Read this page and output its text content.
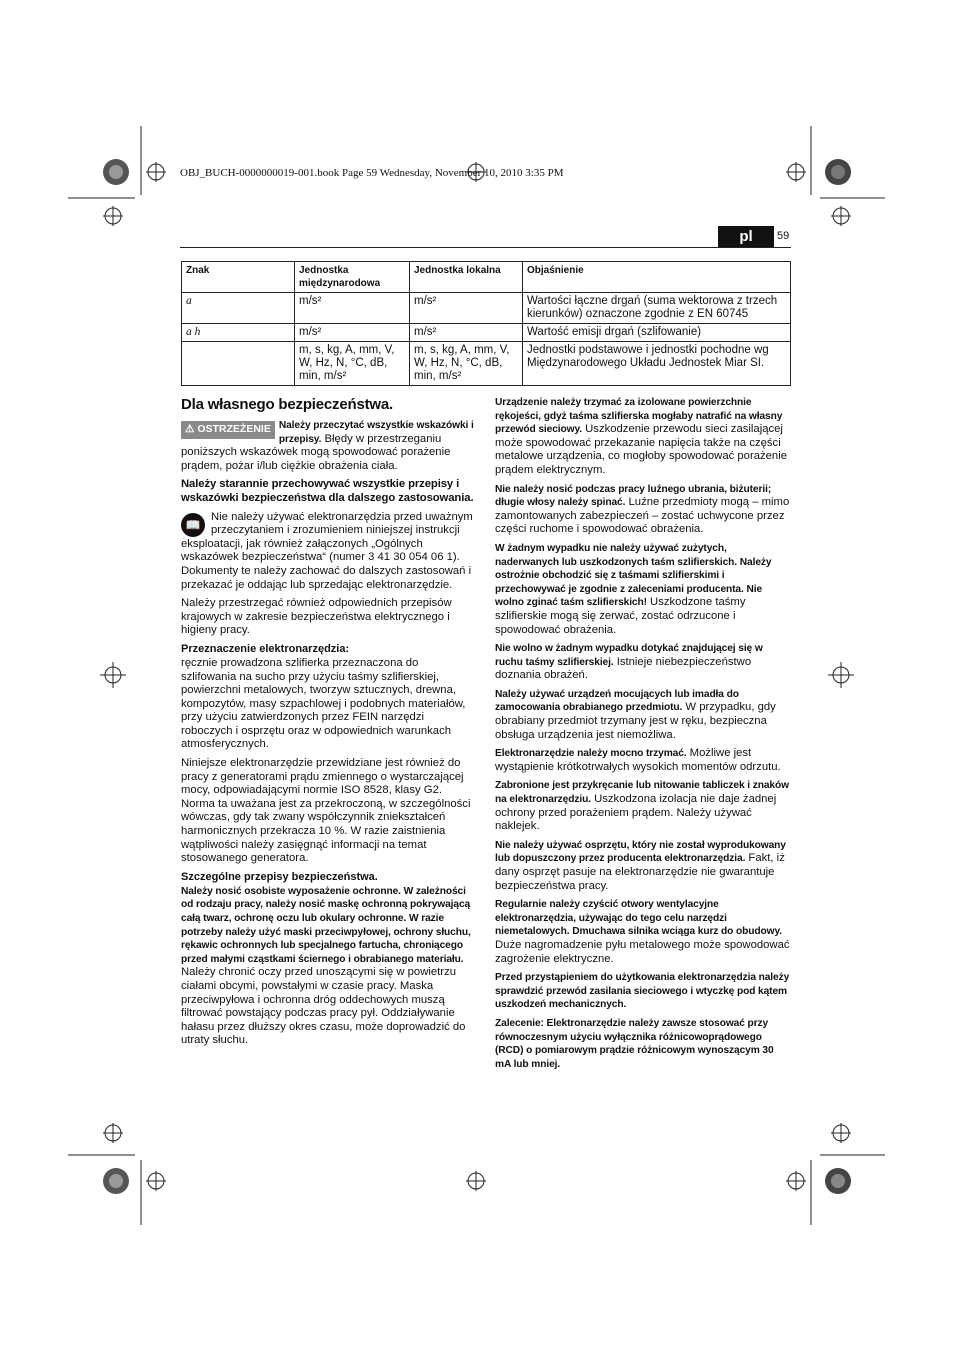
OBJ_BUCH-0000000019-001.book Page 59 Wednesday, November 10, 2010 3:35 PM
pl	59
Znak	Jednostka międzynarodowa	Jednostka lokalna	Objaśnienie
a	m/s²	m/s²	Wartości łączne drgań (suma wektorowa z trzech kierunków) oznaczone zgodnie z EN 60745
a h	m/s²	m/s²	Wartość emisji drgań (szlifowanie)
	m, s, kg, A, mm, V, W, Hz, N, °C, dB, min, m/s²	m, s, kg, A, mm, V, W, Hz, N, °C, dB, min, m/s²	Jednostki podstawowe i jednostki pochodne wg Międzynarodowego Układu Jednostek Miar SI.
Dla własnego bezpieczeństwa.

⚠ OSTRZEŻENIE Należy przeczytać wszystkie wskazówki i przepisy. Błędy w przestrzeganiu poniższych wskazówek mogą spowodować porażenie prądem, pożar i/lub ciężkie obrażenia ciała.

Należy starannie przechowywać wszystkie przepisy i wskazówki bezpieczeństwa dla dalszego zastosowania.

📖
Nie należy używać elektronarzędzia przed uważnym przeczytaniem i zrozumieniem niniejszej instrukcji eksploatacji, jak również załączonych „Ogólnych wskazówek bezpieczeństwa“ (numer 3 41 30 054 06 1). Dokumenty te należy zachować do dalszych zastosowań i przekazać je oddając lub sprzedając elektronarzędzie.

Należy przestrzegać również odpowiednich przepisów krajowych w zakresie bezpieczeństwa elektrycznego i higieny pracy.

Przeznaczenie elektronarzędzia:

ręcznie prowadzona szlifierka przeznaczona do szlifowania na sucho przy użyciu taśmy szlifierskiej, powierzchni metalowych, tworzyw sztucznych, drewna, kompozytów, masy szpachlowej i podobnych materiałów, przy użyciu zatwierdzonych przez FEIN narzędzi roboczych i osprzętu oraz w odpowiednich warunkach atmosferycznych.

Niniejsze elektronarzędzie przewidziane jest również do pracy z generatorami prądu zmiennego o wystarczającej mocy, odpowiadającymi normie ISO 8528, klasy G2. Norma ta uważana jest za przekroczoną, w szczególności wówczas, gdy tak zwany współczynnik zniekształceń harmonicznych przekracza 10 %. W razie zaistnienia wątpliwości należy zasięgnąć informacji na temat stosowanego generatora.

Szczególne przepisy bezpieczeństwa.

Należy nosić osobiste wyposażenie ochronne. W zależności od rodzaju pracy, należy nosić maskę ochronną pokrywającą całą twarz, ochronę oczu lub okulary ochronne. W razie potrzeby należy użyć maski przeciwpyłowej, ochrony słuchu, rękawic ochronnych lub specjalnego fartucha, chroniącego przed małymi cząstkami ściernego i obrabianego materiału. Należy chronić oczy przed unoszącymi się w powietrzu ciałami obcymi, powstałymi w czasie pracy. Maska przeciwpyłowa i ochronna dróg oddechowych muszą filtrować powstający podczas pracy pył. Oddziaływanie hałasu przez dłuższy okres czasu, może doprowadzić do utraty słuchu.

Urządzenie należy trzymać za izolowane powierzchnie rękojeści, gdyż taśma szlifierska mogłaby natrafić na własny przewód sieciowy. Uszkodzenie przewodu sieci zasilającej może spowodować przekazanie napięcia także na części metalowe urządzenia, co mogłoby spowodować porażenie prądem elektrycznym.

Nie należy nosić podczas pracy luźnego ubrania, biżuterii; długie włosy należy spinać. Luźne przedmioty mogą – mimo zamontowanych zabezpieczeń – zostać uchwycone przez części ruchome i spowodować obrażenia.

W żadnym wypadku nie należy używać zużytych, naderwanych lub uszkodzonych taśm szlifierskich. Należy ostrożnie obchodzić się z taśmami szlifierskimi i przechowywać je zgodnie z zaleceniami producenta. Nie wolno zginać taśm szlifierskich! Uszkodzone taśmy szlifierskie mogą się zerwać, zostać odrzucone i spowodować obrażenia.

Nie wolno w żadnym wypadku dotykać znajdującej się w ruchu taśmy szlifierskiej. Istnieje niebezpieczeństwo doznania obrażeń.

Należy używać urządzeń mocujących lub imadła do zamocowania obrabianego przedmiotu. W przypadku, gdy obrabiany przedmiot trzymany jest w ręku, bezpieczna obsługa urządzenia jest niemożliwa.

Elektronarzędzie należy mocno trzymać. Możliwe jest wystąpienie krótkotrwałych wysokich momentów odrzutu.

Zabronione jest przykręcanie lub nitowanie tabliczek i znaków na elektronarzędziu. Uszkodzona izolacja nie daje żadnej ochrony przed porażeniem prądem. Należy używać naklejek.

Nie należy używać osprzętu, który nie został wyprodukowany lub dopuszczony przez producenta elektronarzędzia. Fakt, iż dany osprzęt pasuje na elektronarzędzie nie gwarantuje bezpieczeństwa pracy.

Regularnie należy czyścić otwory wentylacyjne elektronarzędzia, używając do tego celu narzędzi niemetalowych. Dmuchawa silnika wciąga kurz do obudowy. Duże nagromadzenie pyłu metalowego może spowodować zagrożenie elektryczne.

Przed przystąpieniem do użytkowania elektronarzędzia należy sprawdzić przewód zasilania sieciowego i wtyczkę pod kątem uszkodzeń mechanicznych.

Zalecenie: Elektronarzędzie należy zawsze stosować przy równoczesnym użyciu wyłącznika różnicowoprądowego (RCD) o pomiarowym prądzie różnicowym wynoszącym 30 mA lub mniej.
